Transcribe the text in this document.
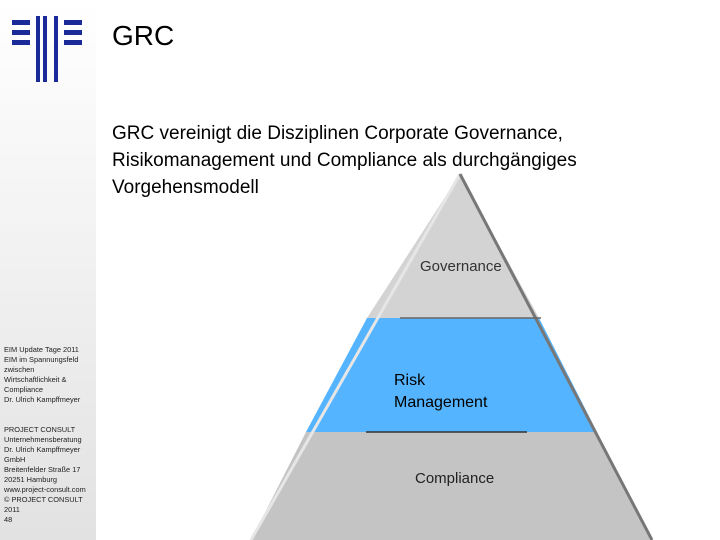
EIM Update Tage 2011
EIM im Spannungsfeld
zwischen
Wirtschaftlichkeit &
Compliance
Dr. Ulrich Kampffmeyer
PROJECT CONSULT
Unternehmensberatung
Dr. Ulrich Kampffmeyer
GmbH
Breitenfelder Straße 17
20251 Hamburg
www.project-consult.com
© PROJECT CONSULT
2011
48
GRC
GRC vereinigt die Disziplinen Corporate Governance,
Risikomanagement und Compliance als durchgängiges
Vorgehensmodell
Governance
Risk
Management
Compliance
